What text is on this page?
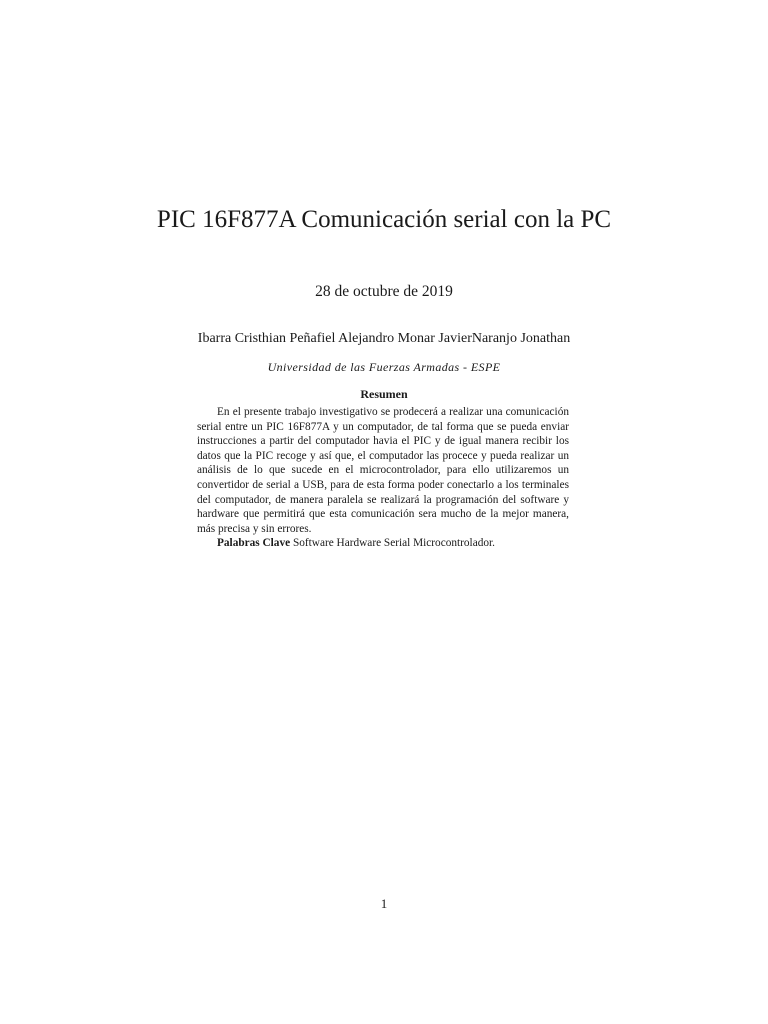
PIC 16F877A Comunicación serial con la PC
28 de octubre de 2019
Ibarra Cristhian Peñafiel Alejandro Monar JavierNaranjo Jonathan
Universidad de las Fuerzas Armadas - ESPE
Resumen

En el presente trabajo investigativo se prodecerá a realizar una comunicación serial entre un PIC 16F877A y un computador, de tal forma que se pueda enviar instrucciones a partir del computador havia el PIC y de igual manera recibir los datos que la PIC recoge y así que, el computador las procece y pueda realizar un análisis de lo que sucede en el microcontrolador, para ello utilizaremos un convertidor de serial a USB, para de esta forma poder conectarlo a los terminales del computador, de manera paralela se realizará la programación del software y hardware que permitirá que esta comunicación sera mucho de la mejor manera, más precisa y sin errores.

Palabras Clave Software Hardware Serial Microcontrolador.

1
